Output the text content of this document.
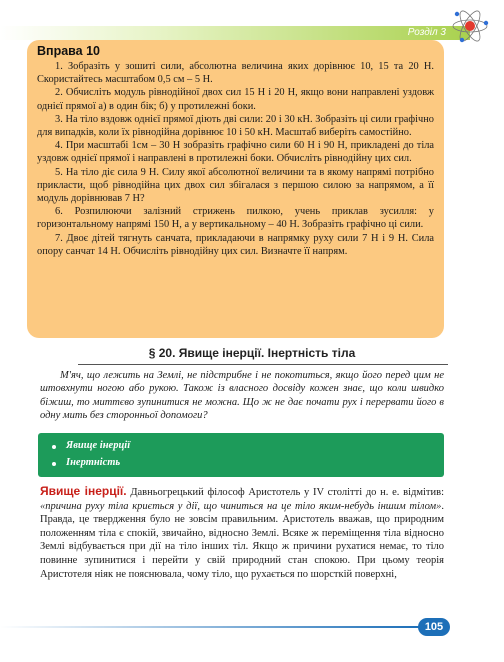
Розділ 3
Вправа 10

1. Зобразіть у зошиті сили, абсолютна величина яких дорівнює 10, 15 та 20 Н. Скористайтесь масштабом 0,5 см – 5 Н.

2. Обчисліть модуль рівнодійної двох сил 15 Н і 20 Н, якщо вони направлені уздовж однієї прямої а) в один бік; б) у протилежні боки.

3. На тіло вздовж однієї прямої діють дві сили: 20 і 30 кН. Зобразіть ці сили графічно для випадків, коли їх рівнодійна дорівнює 10 і 50 кН. Масштаб виберіть самостійно.

4. При масштабі 1см – 30 Н зобразіть графічно сили 60 Н і 90 Н, прикладені до тіла уздовж однієї прямої і направлені в протилежні боки. Обчисліть рівнодійну цих сил.

5. На тіло діє сила 9 Н. Силу якої абсолютної величини та в якому напрямі потрібно прикласти, щоб рівнодійна цих двох сил збігалася з першою силою за напрямом, а її модуль дорівнював 7 Н?

6. Розпилюючи залізний стрижень пилкою, учень приклав зусилля: у горизонтальному напрямі 150 Н, а у вертикальному – 40 Н. Зобразіть графічно ці сили.

7. Двоє дітей тягнуть санчата, прикладаючи в напрямку руху сили 7 Н і 9 Н. Сила опору санчат 14 Н. Обчисліть рівнодійну цих сил. Визначте її напрям.

§ 20. Явище інерції. Інертність тіла

М'яч, що лежить на Землі, не підстрибне і не покотиться, якщо його перед цим не штовхнути ногою або рукою. Також із власного досвіду кожен знає, що коли швидко біжиш, то миттєво зупинитися не можна. Що ж не дає почати рух і перервати його в одну мить без сторонньої допомоги?

Явище інерції
Інертність

Явище інерції. Давньогрецький філософ Аристотель у IV столітті до н. е. відмітив: «причина руху тіла криється у дії, що чиниться на це тіло яким-небудь іншим тілом». Правда, це твердження було не зовсім правильним. Аристотель вважав, що природним положенням тіла є спокій, звичайно, відносно Землі. Всяке ж переміщення тіла відносно Землі відбувається при дії на тіло інших тіл. Якщо ж причини рухатися немає, то тіло повинне зупинитися і перейти у свій природний стан спокою. При цьому теорія Аристотеля ніяк не пояснювала, чому тіло, що рухається по шорсткій поверхні,

105
